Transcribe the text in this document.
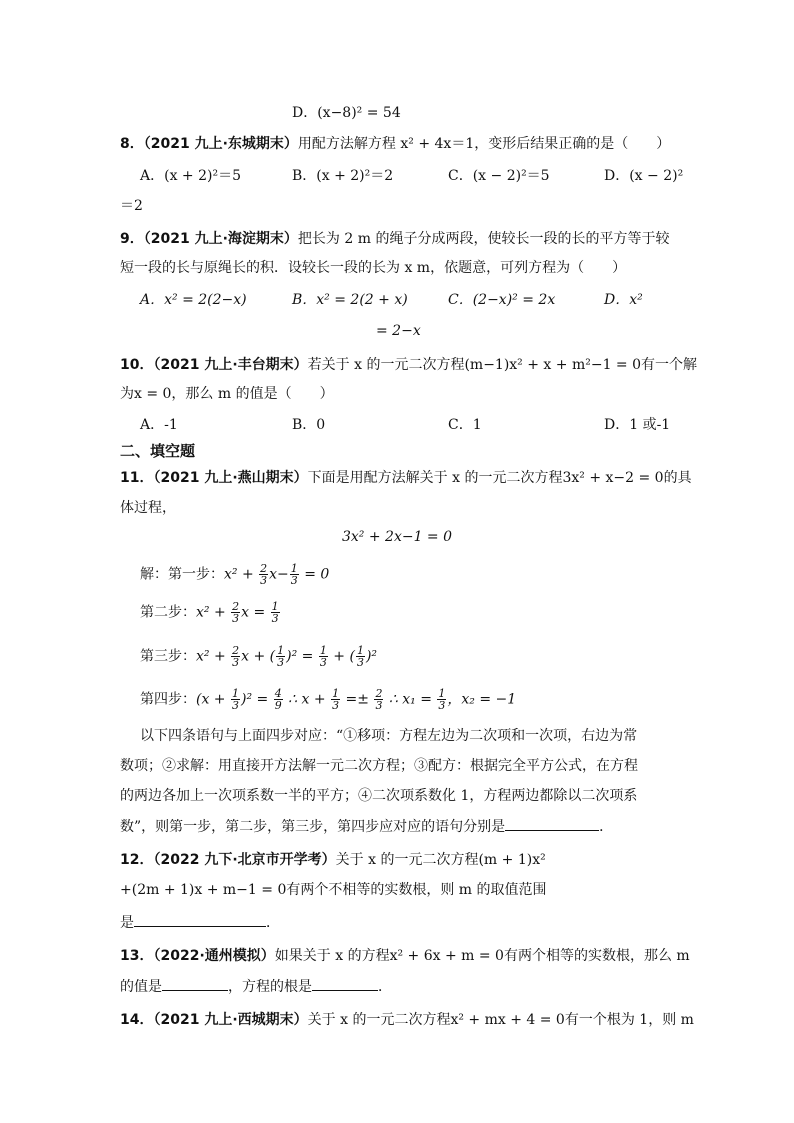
D．(x−8)² = 54
8．（2021 九上·东城期末）用配方法解方程 x² + 4x＝1，变形后结果正确的是（　　）
A．(x + 2)²＝5	B．(x + 2)²＝2	C．(x − 2)²＝5	D．(x − 2)²
＝2
9．（2021 九上·海淀期末）把长为 2 m 的绳子分成两段，使较长一段的长的平方等于较
短一段的长与原绳长的积．设较长一段的长为 x m，依题意，可列方程为（　　）
A．x² = 2(2−x)	B．x² = 2(2 + x)	C．(2−x)² = 2x	D．x²
= 2−x
10．（2021 九上·丰台期末）若关于 x 的一元二次方程(m−1)x² + x + m²−1 = 0有一个解
为x = 0，那么 m 的值是（　　）
A．-1	B．0	C．1	D．1 或-1
二、填空题
11．（2021 九上·燕山期末）下面是用配方法解关于 x 的一元二次方程3x² + x−2 = 0的具
体过程，
3x² + 2x−1 = 0
解：第一步：$x^2 + \frac{2}{3} x- \frac{1}{3} = 0$
第二步：$x^2 + \frac{2}{3}$ $x = \frac{1}{3}$
第三步：$x^2 + \frac{2}{3}$ x + ( $\frac{1}{3} )^2 = \frac{1}{3}$ + ( $\frac{1}{3} )^2$
第四步：$(x + \frac{1}{3} )^2 = \frac{4}{9}$ ∴ $x + \frac{1}{3} =\pm \frac{2}{3}$ ∴ $x_1 = \frac{1}{3}$ ，x₂ = −1
以下四条语句与上面四步对应：“①移项：方程左边为二次项和一次项，右边为常
数项；②求解：用直接开方法解一元二次方程；③配方：根据完全平方公式，在方程
的两边各加上一次项系数一半的平方；④二次项系数化 1，方程两边都除以二次项系
数”，则第一步，第二步，第三步，第四步应对应的语句分别是	．
12．（2022 九下·北京市开学考）关于 x 的一元二次方程(m + 1)x²
+(2m + 1)x + m−1 = 0有两个不相等的实数根，则 m 的取值范围
是	．
13．（2022·通州模拟）如果关于 x 的方程x² + 6x + m = 0有两个相等的实数根，那么 m
的值是	，方程的根是	．
14．（2021 九上·西城期末）关于 x 的一元二次方程x² + mx + 4 = 0有一个根为 1，则 m
